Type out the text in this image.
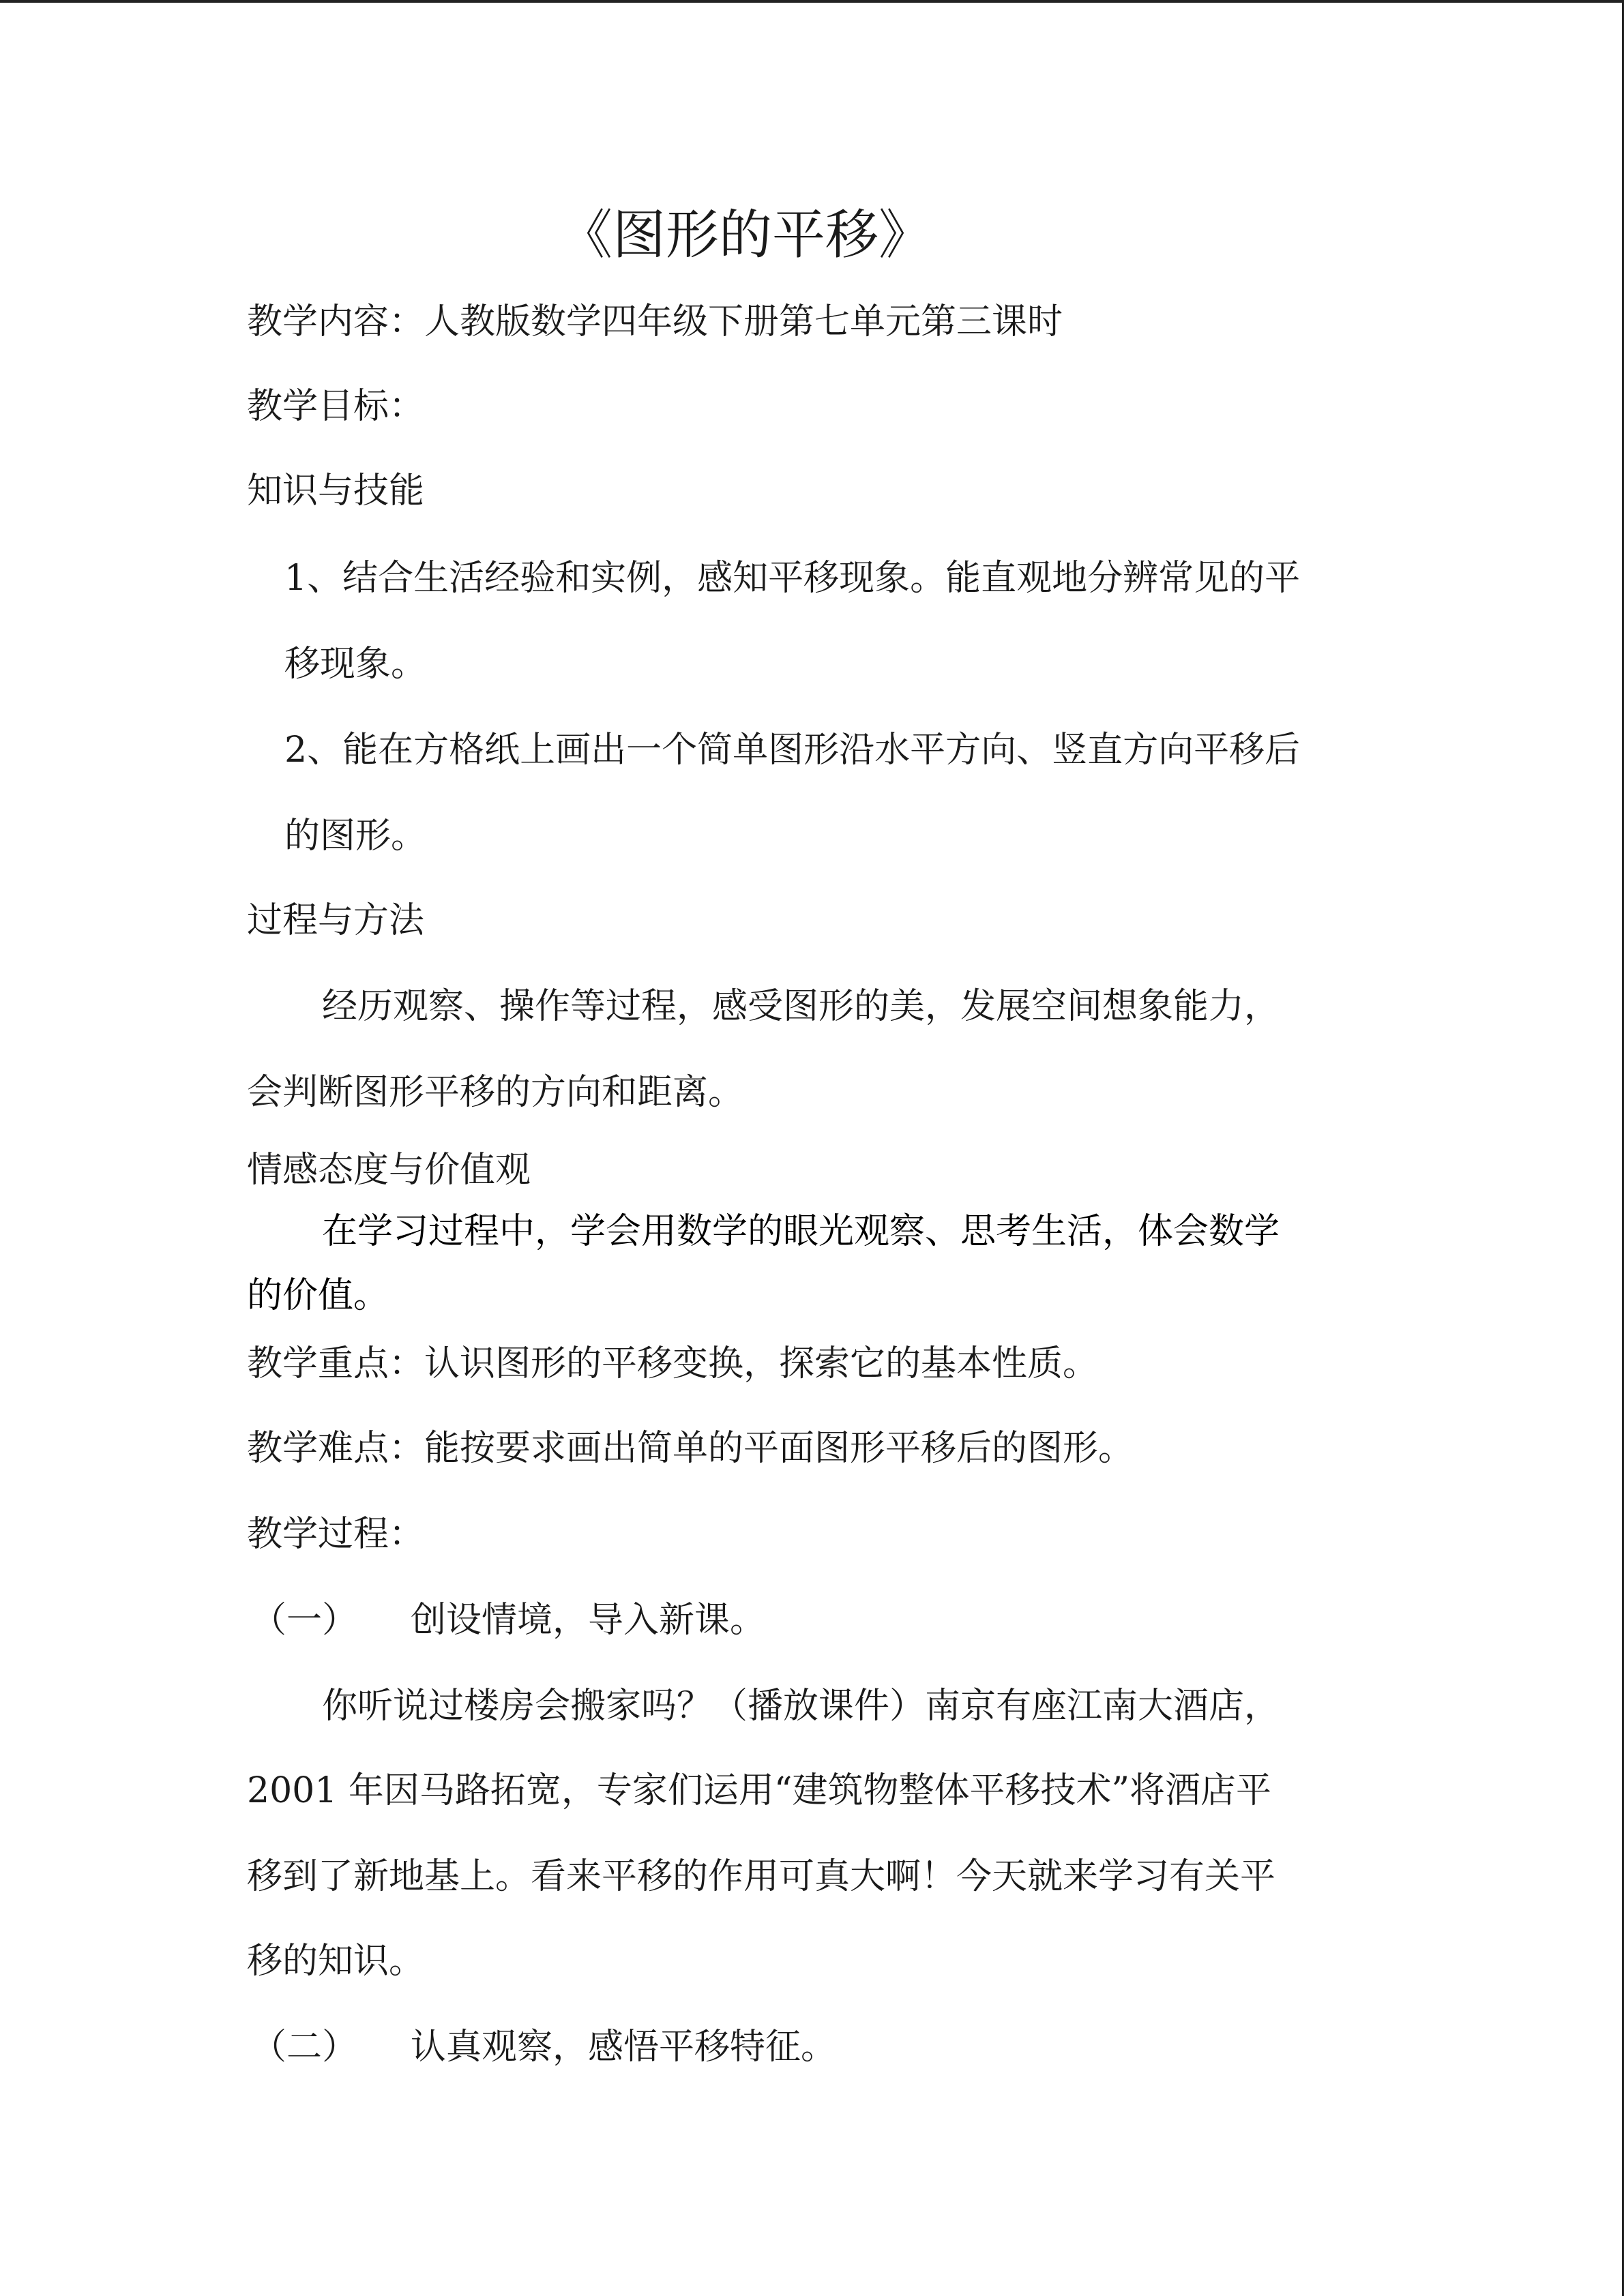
《图形的平移》
教学内容：人教版数学四年级下册第七单元第三课时
教学目标：
知识与技能
1、结合生活经验和实例，感知平移现象。能直观地分辨常见的平
移现象。
2、能在方格纸上画出一个简单图形沿水平方向、竖直方向平移后
的图形。
过程与方法
经历观察、操作等过程，感受图形的美，发展空间想象能力，
会判断图形平移的方向和距离。
情感态度与价值观
在学习过程中，学会用数学的眼光观察、思考生活，体会数学
的价值。
教学重点：认识图形的平移变换，探索它的基本性质。
教学难点：能按要求画出简单的平面图形平移后的图形。
教学过程：
（一）　　创设情境，导入新课。
你听说过楼房会搬家吗？（播放课件）南京有座江南大酒店，
2001 年因马路拓宽，专家们运用“建筑物整体平移技术”将酒店平
移到了新地基上。看来平移的作用可真大啊！今天就来学习有关平
移的知识。
（二）　　认真观察，感悟平移特征。
